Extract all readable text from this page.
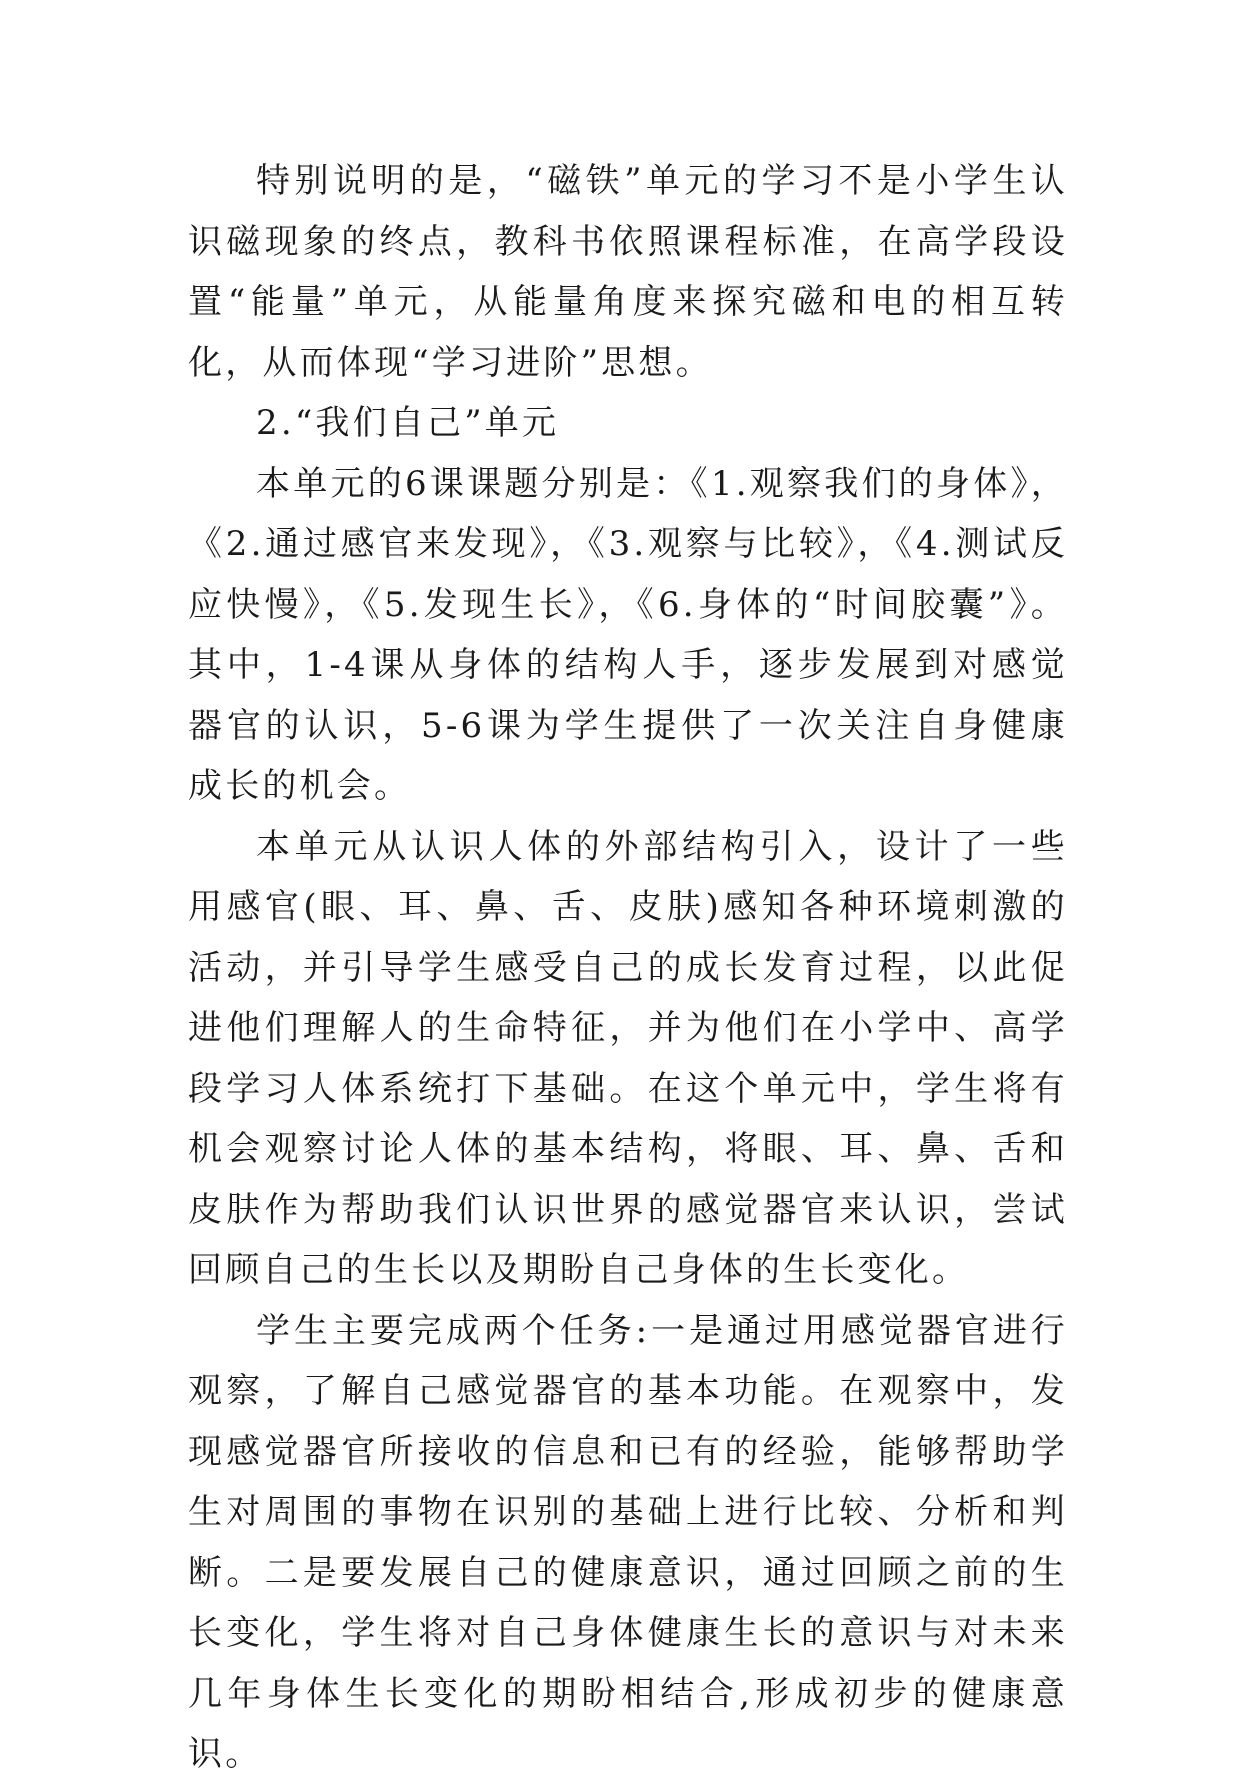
特别说明的是，“磁铁”单元的学习不是小学生认识磁现象的终点，教科书依照课程标准，在高学段设置“能量”单元，从能量角度来探究磁和电的相互转化，从而体现“学习进阶”思想。

2.“我们自己”单元

本单元的6课课题分别是：《1.观察我们的身体》，《2.通过感官来发现》，《3.观察与比较》，《4.测试反应快慢》，《5.发现生长》，《6.身体的“时间胶囊”》。其中，1-4课从身体的结构人手，逐步发展到对感觉器官的认识，5-6课为学生提供了一次关注自身健康成长的机会。

本单元从认识人体的外部结构引入，设计了一些用感官(眼、耳、鼻、舌、皮肤)感知各种环境刺激的活动，并引导学生感受自己的成长发育过程，以此促进他们理解人的生命特征，并为他们在小学中、高学段学习人体系统打下基础。在这个单元中，学生将有机会观察讨论人体的基本结构，将眼、耳、鼻、舌和皮肤作为帮助我们认识世界的感觉器官来认识，尝试回顾自己的生长以及期盼自己身体的生长变化。

学生主要完成两个任务:一是通过用感觉器官进行观察，了解自己感觉器官的基本功能。在观察中，发现感觉器官所接收的信息和已有的经验，能够帮助学生对周围的事物在识别的基础上进行比较、分析和判断。二是要发展自己的健康意识，通过回顾之前的生长变化，学生将对自己身体健康生长的意识与对未来几年身体生长变化的期盼相结合,形成初步的健康意识。
